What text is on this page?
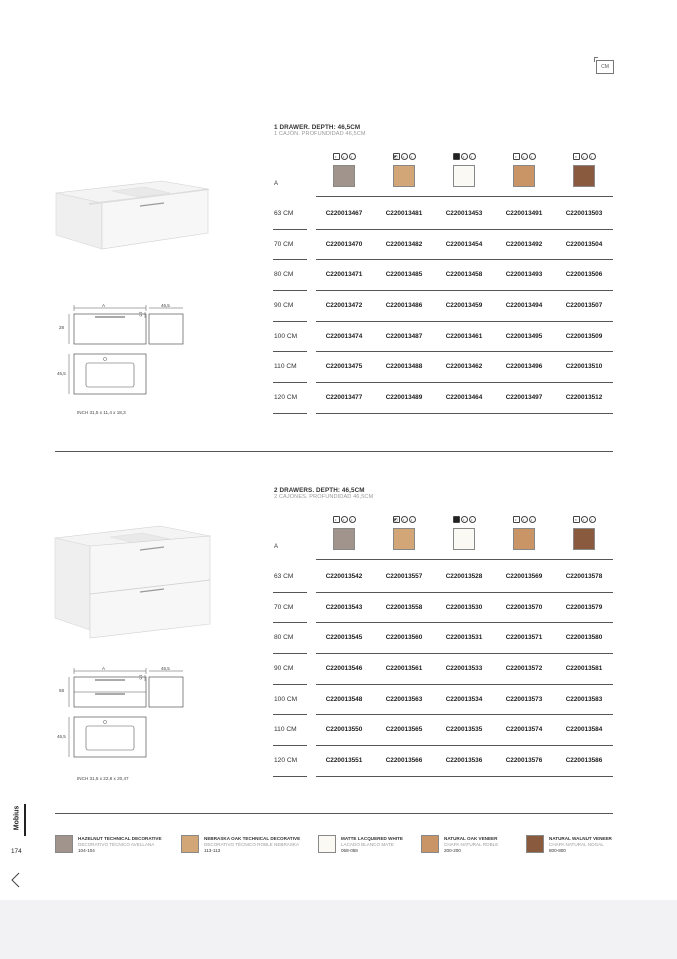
CM
1 DRAWER. DEPTH: 46,5CM
1 CAJÓN. PROFUNDIDAD 46,5CM
A	46,5
28
46,5
1,5
INCH 31,5 x 11,4 x 18,3
A
• • •	◩ • •	• •	• • •	× • •
63 CM	C220013467	C220013481	C220013453	C220013491	C220013503
70 CM	C220013470	C220013482	C220013454	C220013492	C220013504
80 CM	C220013471	C220013485	C220013458	C220013493	C220013506
90 CM	C220013472	C220013486	C220013459	C220013494	C220013507
100 CM	C220013474	C220013487	C220013461	C220013495	C220013509
110 CM	C220013475	C220013488	C220013462	C220013496	C220013510
120 CM	C220013477	C220013489	C220013464	C220013497	C220013512
2 DRAWERS. DEPTH: 46,5CM
2 CAJONES. PROFUNDIDAD 46,5CM
A	46,5
58
46,5
1,5
INCH 31,5 x 22,8 x 20,47
A
• • •	◩ • •	• •	• • •	× • •
63 CM	C220013542	C220013557	C220013528	C220013569	C220013578
70 CM	C220013543	C220013558	C220013530	C220013570	C220013579
80 CM	C220013545	C220013560	C220013531	C220013571	C220013580
90 CM	C220013546	C220013561	C220013533	C220013572	C220013581
100 CM	C220013548	C220013563	C220013534	C220013573	C220013583
110 CM	C220013550	C220013565	C220013535	C220013574	C220013584
120 CM	C220013551	C220013566	C220013536	C220013576	C220013586
Mobius
174
HAZELNUT TECHNICAL DECORATIVE
DECORATIVO TÉCNICO AVELLANA
104-104
NEBRASKA OAK TECHNICAL DECORATIVE
DECORATIVO TÉCNICO ROBLE NEBRASKA
113-113
MATTE LACQUERED WHITE
LACADO BLANCO MATE
058-058
NATURAL OAK VENEER
CHAPA NATURAL ROBLE
200-200
NATURAL WALNUT VENEER
CHAPA NATURAL NOGAL
800-800
